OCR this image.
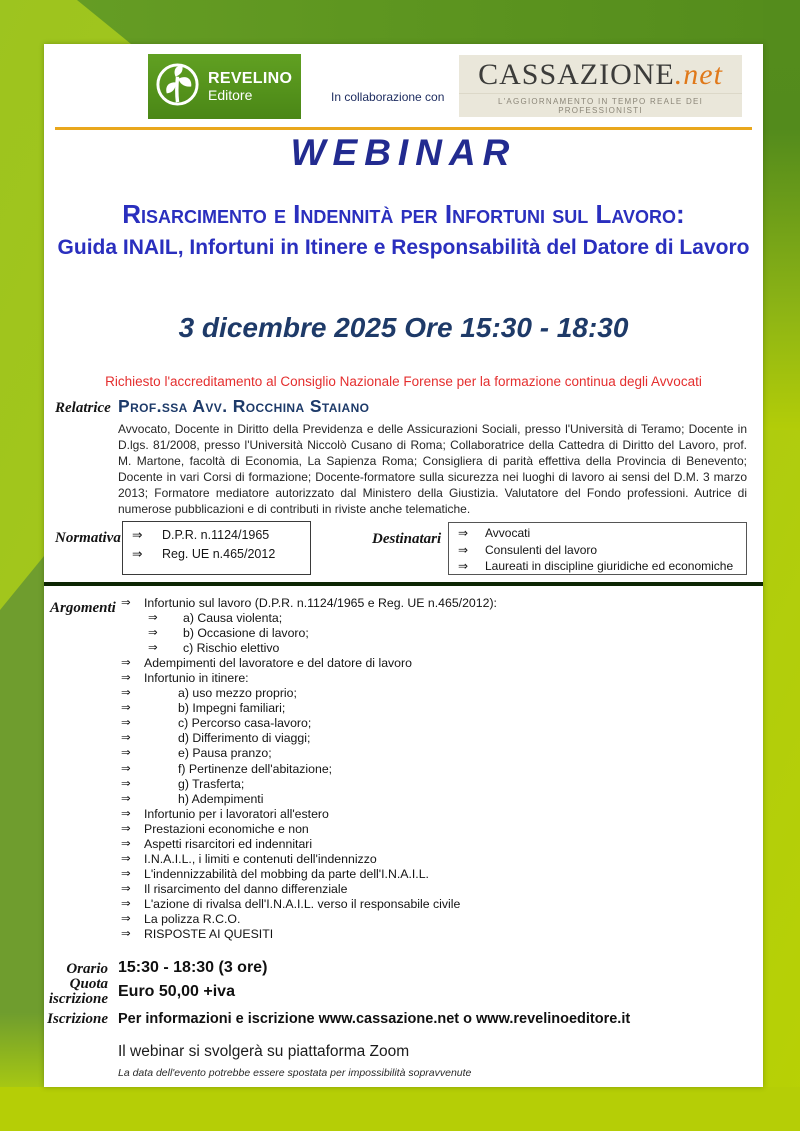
REVELINO
Editore	In collaborazione con
CASSAZIONE.net
L'AGGIORNAMENTO IN TEMPO REALE DEI PROFESSIONISTI
WEBINAR
Risarcimento e Indennità per Infortuni sul Lavoro:
Guida INAIL, Infortuni in Itinere e Responsabilità del Datore di Lavoro
3 dicembre 2025 Ore 15:30 - 18:30
Richiesto l'accreditamento al Consiglio Nazionale Forense per la formazione continua degli Avvocati
Relatrice Prof.ssa Avv. Rocchina Staiano
Avvocato, Docente in Diritto della Previdenza e delle Assicurazioni Sociali, presso l'Università di Teramo; Docente in D.lgs. 81/2008, presso l'Università Niccolò Cusano di Roma; Collaboratrice della Cattedra di Diritto del Lavoro, prof. M. Martone, facoltà di Economia, La Sapienza Roma; Consigliera di parità effettiva della Provincia di Benevento; Docente in vari Corsi di formazione; Docente-formatore sulla sicurezza nei luoghi di lavoro ai sensi del D.M. 3 marzo 2013; Formatore mediatore autorizzato dal Ministero della Giustizia. Valutatore del Fondo professioni. Autrice di numerose pubblicazioni e di contributi in riviste anche telematiche.
Normativa ⇒	D.P.R. n.1124/1965
⇒	Reg. UE n.465/2012
Destinatari ⇒	Avvocati
⇒	Consulenti del lavoro
⇒	Laureati in discipline giuridiche ed economiche
Argomenti ⇒	Infortunio sul lavoro (D.P.R. n.1124/1965 e Reg. UE n.465/2012):
⇒	a) Causa violenta;
⇒	b) Occasione di lavoro;
⇒	c) Rischio elettivo
⇒	Adempimenti del lavoratore e del datore di lavoro
⇒	Infortunio in itinere:
⇒	a) uso mezzo proprio;
⇒	b) Impegni familiari;
⇒	c) Percorso casa-lavoro;
⇒	d) Differimento di viaggi;
⇒	e) Pausa pranzo;
⇒	f) Pertinenze dell'abitazione;
⇒	g) Trasferta;
⇒	h) Adempimenti
⇒	Infortunio per i lavoratori all'estero
⇒	Prestazioni economiche e non
⇒	Aspetti risarcitori ed indennitari
⇒	I.N.A.I.L., i limiti e contenuti dell'indennizzo
⇒	L'indennizzabilità del mobbing da parte dell'I.N.A.I.L.
⇒	Il risarcimento del danno differenziale
⇒	L'azione di rivalsa dell'I.N.A.I.L. verso il responsabile civile
⇒	La polizza R.C.O.
⇒	RISPOSTE AI QUESITI
Orario 15:30 - 18:30 (3 ore)
Quota
iscrizione Euro 50,00 +iva
Iscrizione Per informazioni e iscrizione www.cassazione.net o www.revelinoeditore.it
Il webinar si svolgerà su piattaforma Zoom
La data dell'evento potrebbe essere spostata per impossibilità sopravvenute
